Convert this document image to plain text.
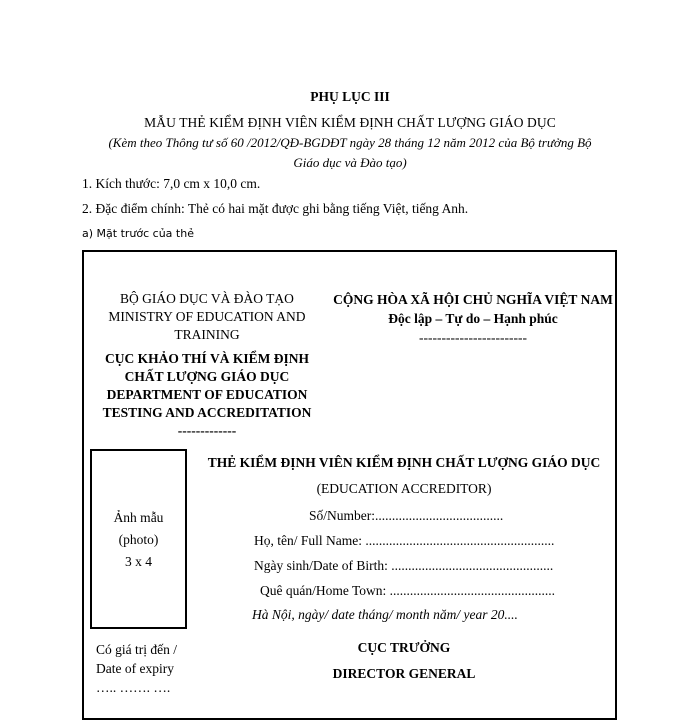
PHỤ LỤC III
MẪU THẺ KIỂM ĐỊNH VIÊN KIỂM ĐỊNH CHẤT LƯỢNG GIÁO DỤC
(Kèm theo Thông tư số 60 /2012/QĐ-BGDĐT ngày 28 tháng 12 năm 2012 của Bộ trưởng Bộ
Giáo dục và Đào tạo)
1. Kích thước: 7,0 cm x 10,0 cm.
2. Đặc điểm chính: Thẻ có hai mặt được ghi bằng tiếng Việt, tiếng Anh.
a) Mặt trước của thẻ
BỘ GIÁO DỤC VÀ ĐÀO TẠO
MINISTRY OF EDUCATION AND
TRAINING
CỤC KHẢO THÍ VÀ KIỂM ĐỊNH
CHẤT LƯỢNG GIÁO DỤC
DEPARTMENT OF EDUCATION
TESTING AND ACCREDITATION
-------------
CỘNG HÒA XÃ HỘI CHỦ NGHĨA VIỆT NAM
Độc lập – Tự do – Hạnh phúc
------------------------
Ảnh mẫu
(photo)
3 x 4
THẺ KIỂM ĐỊNH VIÊN KIỂM ĐỊNH CHẤT LƯỢNG GIÁO DỤC
(EDUCATION ACCREDITOR)
Số/Number:......................................
Họ, tên/ Full Name: ........................................................
Ngày sinh/Date of Birth: ................................................
Quê quán/Home Town: .................................................
Hà Nội, ngày/ date tháng/ month năm/ year 20....
Có giá trị đến /
Date of expiry
….. ……. ….
CỤC TRƯỞNG
DIRECTOR GENERAL
